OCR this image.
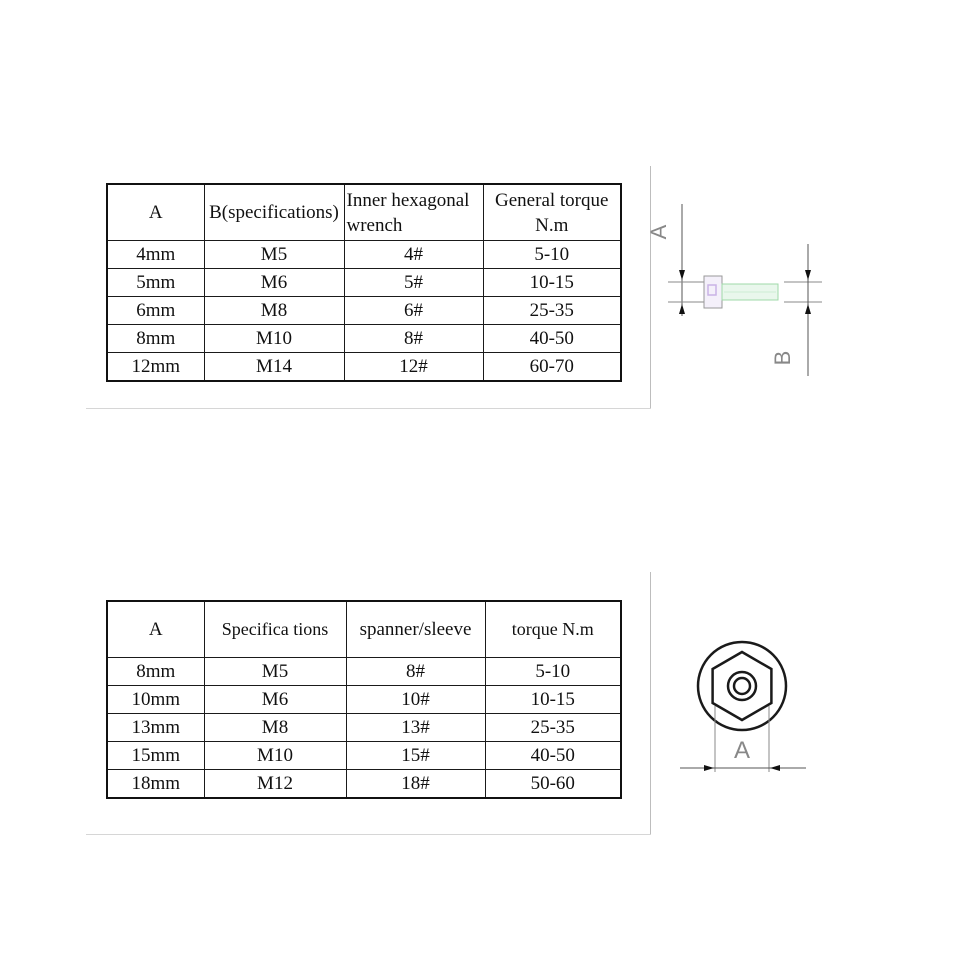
A	B(specifications)	Inner hexagonal wrench	General torque N.m
4mm	M5	4#	5-10
5mm	M6	5#	10-15
6mm	M8	6#	25-35
8mm	M10	8#	40-50
12mm	M14	12#	60-70
A
B
A	Specifica tions	spanner/sleeve	torque N.m
8mm	M5	8#	5-10
10mm	M6	10#	10-15
13mm	M8	13#	25-35
15mm	M10	15#	40-50
18mm	M12	18#	50-60
A
